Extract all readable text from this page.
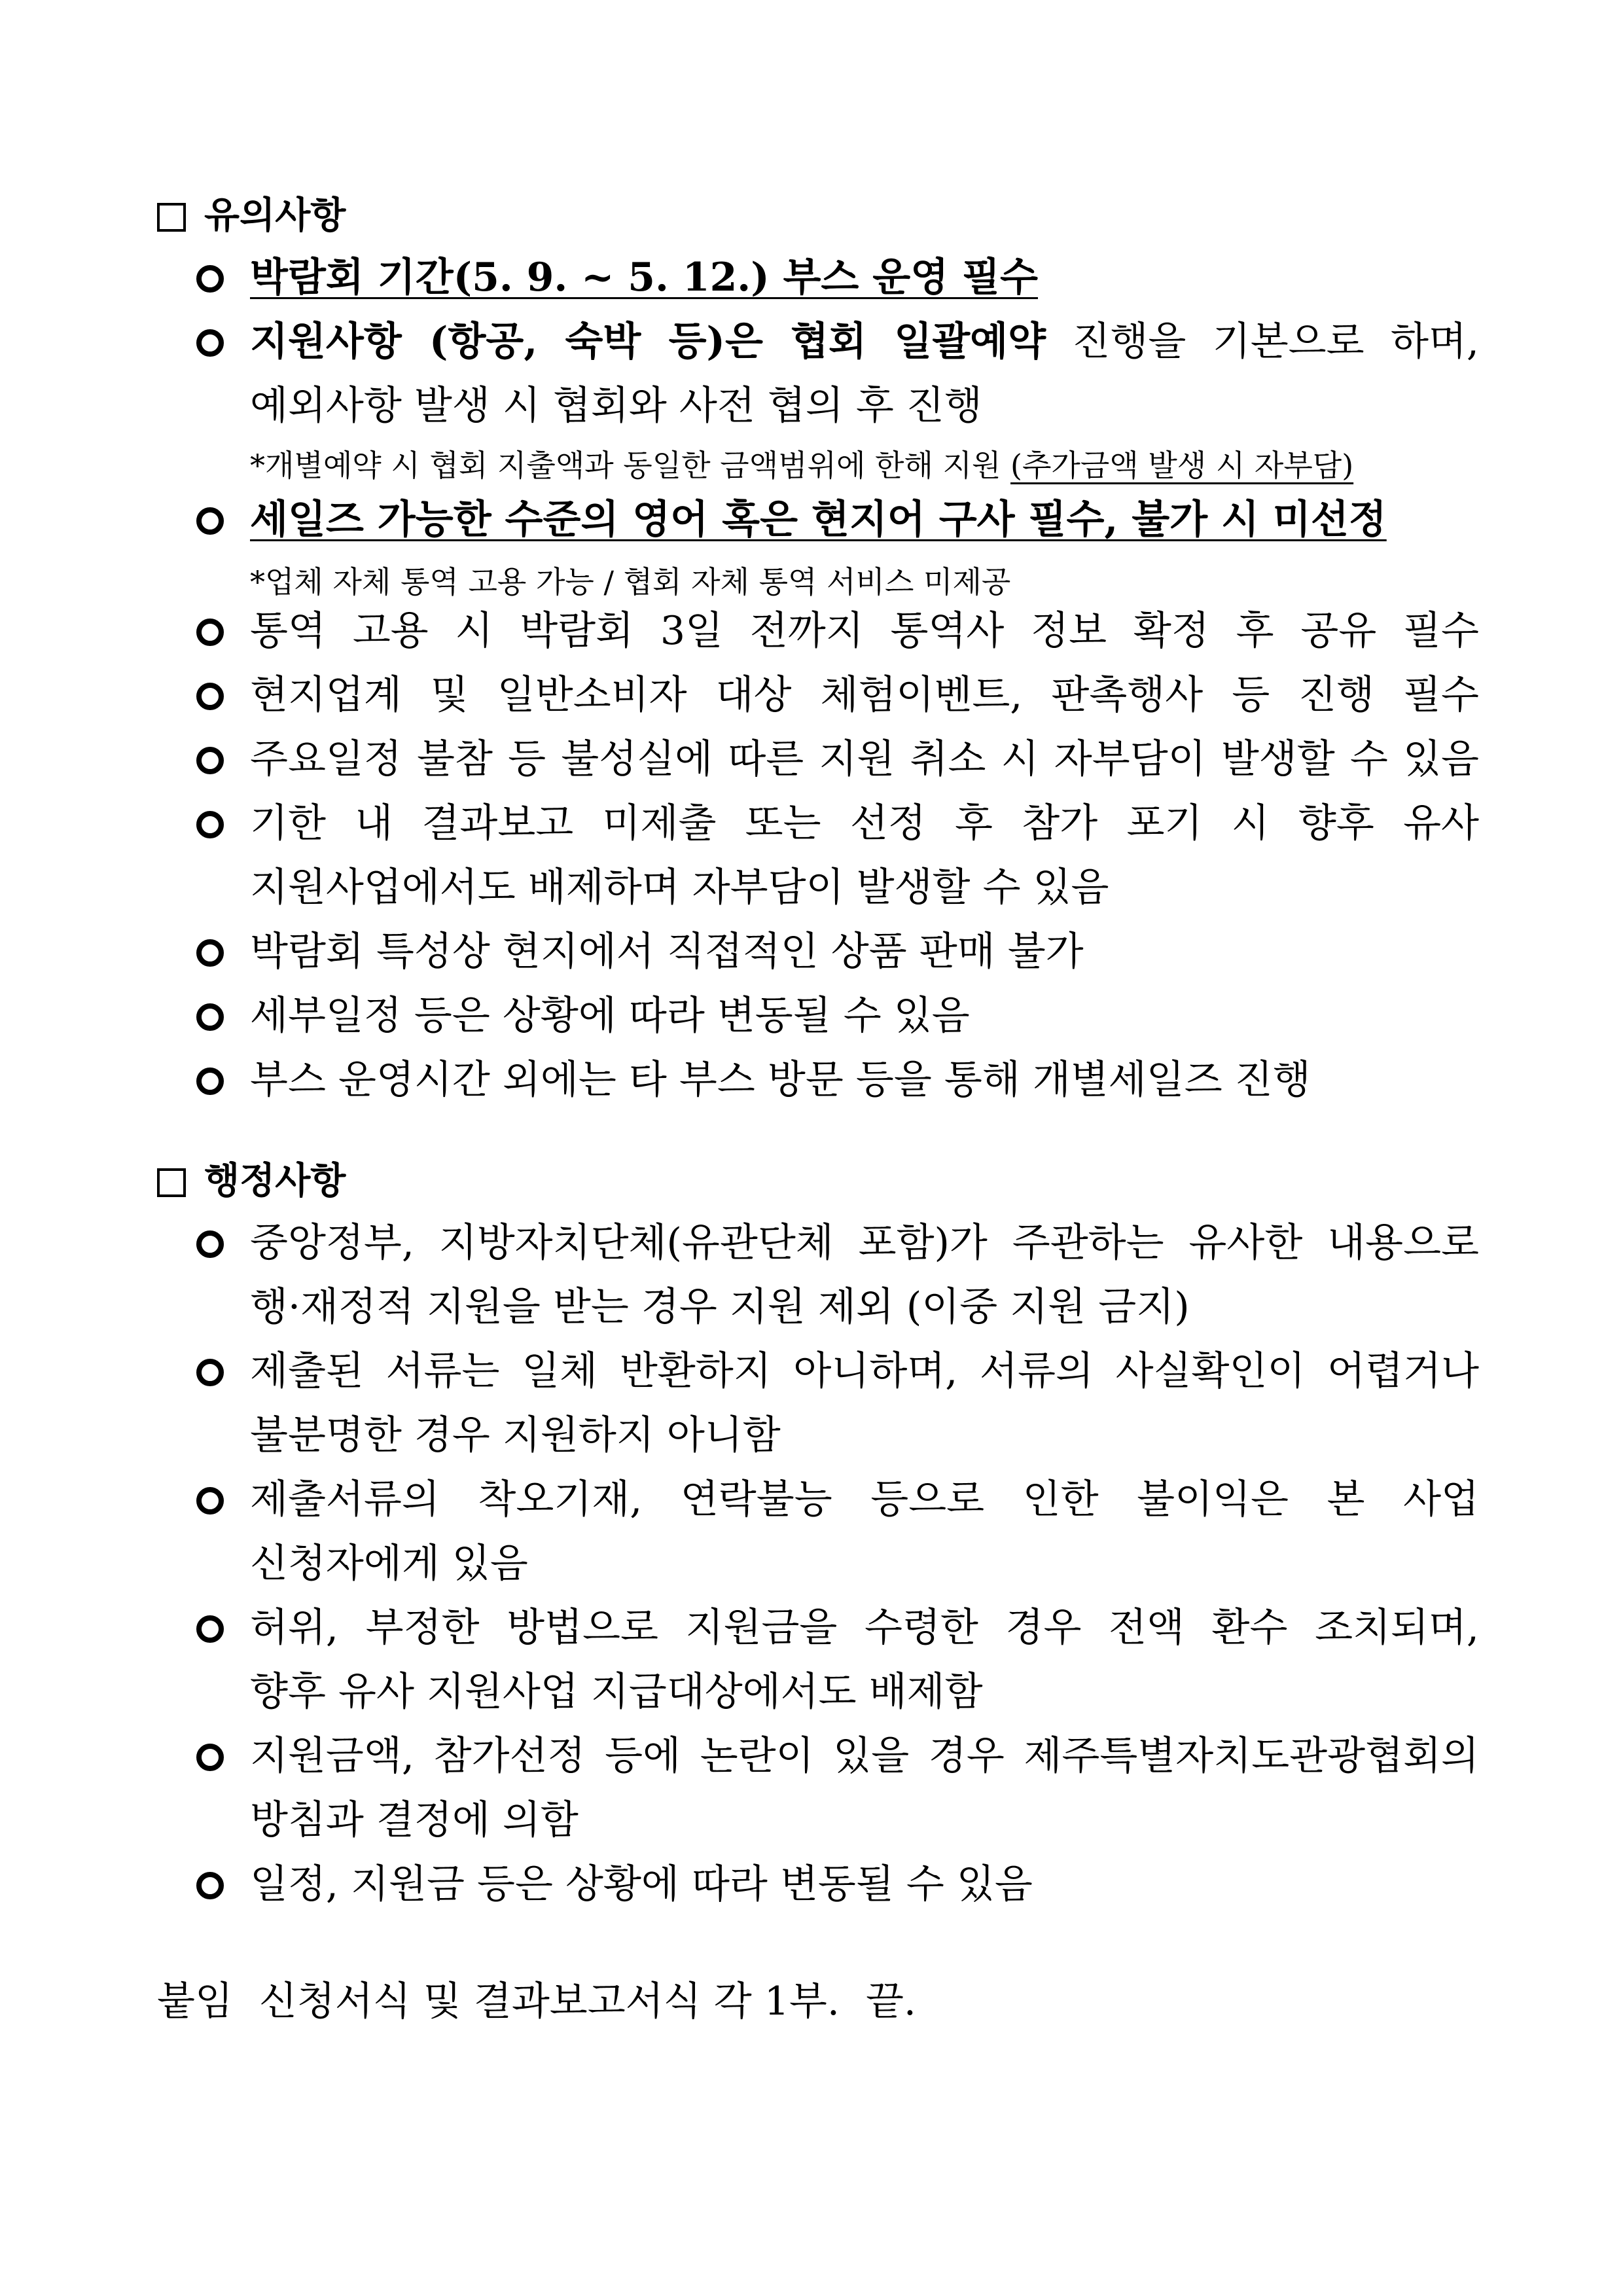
유의사항
박람회 기간(5. 9. ~ 5. 12.) 부스 운영 필수
지원사항 (항공, 숙박 등)은 협회 일괄예약 진행을 기본으로 하며,
예외사항 발생 시 협회와 사전 협의 후 진행
*개별예약 시 협회 지출액과 동일한 금액범위에 한해 지원 (추가금액 발생 시 자부담)
세일즈 가능한 수준의 영어 혹은 현지어 구사 필수, 불가 시 미선정
*업체 자체 통역 고용 가능 / 협회 자체 통역 서비스 미제공
통역 고용 시 박람회 3일 전까지 통역사 정보 확정 후 공유 필수
현지업계 및 일반소비자 대상 체험이벤트, 판촉행사 등 진행 필수
주요일정 불참 등 불성실에 따른 지원 취소 시 자부담이 발생할 수 있음
기한 내 결과보고 미제출 또는 선정 후 참가 포기 시 향후 유사
지원사업에서도 배제하며 자부담이 발생할 수 있음
박람회 특성상 현지에서 직접적인 상품 판매 불가
세부일정 등은 상황에 따라 변동될 수 있음
부스 운영시간 외에는 타 부스 방문 등을 통해 개별세일즈 진행
행정사항
중앙정부, 지방자치단체(유관단체 포함)가 주관하는 유사한 내용으로
행·재정적 지원을 받는 경우 지원 제외 (이중 지원 금지)
제출된 서류는 일체 반환하지 아니하며, 서류의 사실확인이 어렵거나
불분명한 경우 지원하지 아니함
제출서류의 착오기재, 연락불능 등으로 인한 불이익은 본 사업
신청자에게 있음
허위, 부정한 방법으로 지원금을 수령한 경우 전액 환수 조치되며,
향후 유사 지원사업 지급대상에서도 배제함
지원금액, 참가선정 등에 논란이 있을 경우 제주특별자치도관광협회의
방침과 결정에 의함
일정, 지원금 등은 상황에 따라 변동될 수 있음
붙임 신청서식 및 결과보고서식 각 1부. 끝.
